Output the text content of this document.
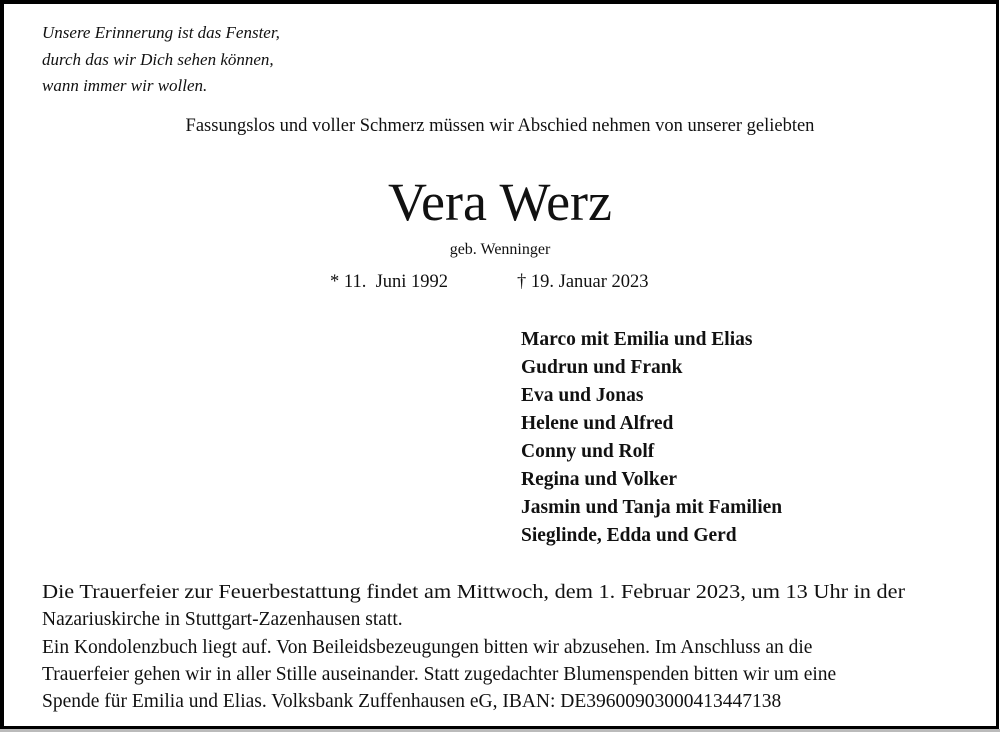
Unsere Erinnerung ist das Fenster,
durch das wir Dich sehen können,
wann immer wir wollen.
Fassungslos und voller Schmerz müssen wir Abschied nehmen von unserer geliebten
Vera Werz
geb. Wenninger
* 11.  Juni 1992	† 19. Januar 2023
Marco mit Emilia und Elias
Gudrun und Frank
Eva und Jonas
Helene und Alfred
Conny und Rolf
Regina und Volker
Jasmin und Tanja mit Familien
Sieglinde, Edda und Gerd
Die Trauerfeier zur Feuerbestattung findet am Mittwoch, dem 1. Februar 2023, um 13 Uhr in der
Nazariuskirche in Stuttgart-Zazenhausen statt.
Ein Kondolenzbuch liegt auf. Von Beileidsbezeugungen bitten wir abzusehen. Im Anschluss an die
Trauerfeier gehen wir in aller Stille auseinander. Statt zugedachter Blumenspenden bitten wir um eine
Spende für Emilia und Elias. Volksbank Zuffenhausen eG, IBAN: DE39600903000413447138
